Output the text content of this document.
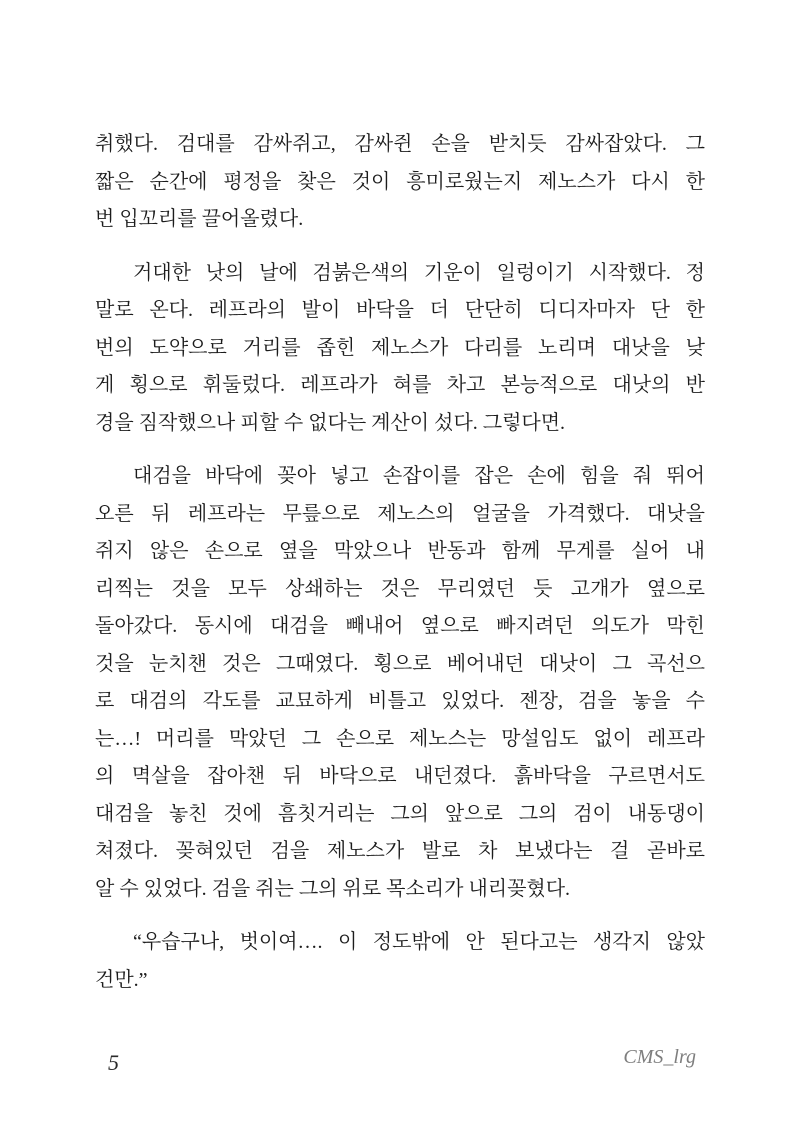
취했다. 검대를 감싸쥐고, 감싸쥔 손을 받치듯 감싸잡았다. 그
짧은 순간에 평정을 찾은 것이 흥미로웠는지 제노스가 다시 한
번 입꼬리를 끌어올렸다.
거대한 낫의 날에 검붉은색의 기운이 일렁이기 시작했다. 정
말로 온다. 레프라의 발이 바닥을 더 단단히 디디자마자 단 한
번의 도약으로 거리를 좁힌 제노스가 다리를 노리며 대낫을 낮
게 횡으로 휘둘렀다. 레프라가 혀를 차고 본능적으로 대낫의 반
경을 짐작했으나 피할 수 없다는 계산이 섰다. 그렇다면.
대검을 바닥에 꽂아 넣고 손잡이를 잡은 손에 힘을 줘 뛰어
오른 뒤 레프라는 무릎으로 제노스의 얼굴을 가격했다. 대낫을
쥐지 않은 손으로 옆을 막았으나 반동과 함께 무게를 실어 내
리찍는 것을 모두 상쇄하는 것은 무리였던 듯 고개가 옆으로
돌아갔다. 동시에 대검을 빼내어 옆으로 빠지려던 의도가 막힌
것을 눈치챈 것은 그때였다. 횡으로 베어내던 대낫이 그 곡선으
로 대검의 각도를 교묘하게 비틀고 있었다. 젠장, 검을 놓을 수
는…! 머리를 막았던 그 손으로 제노스는 망설임도 없이 레프라
의 멱살을 잡아챈 뒤 바닥으로 내던졌다. 흙바닥을 구르면서도
대검을 놓친 것에 흠칫거리는 그의 앞으로 그의 검이 내동댕이
쳐졌다. 꽂혀있던 검을 제노스가 발로 차 보냈다는 걸 곧바로
알 수 있었다. 검을 쥐는 그의 위로 목소리가 내리꽂혔다.
“우습구나, 벗이여…. 이 정도밖에 안 된다고는 생각지 않았
건만.”
5	CMS_lrg
